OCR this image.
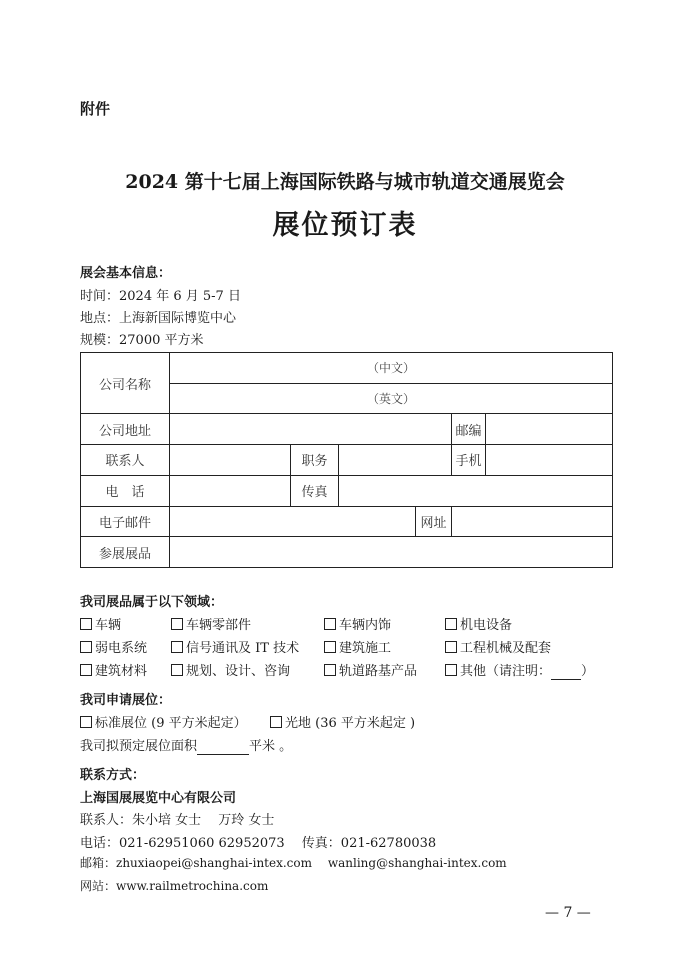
附件
2024 第十七届上海国际铁路与城市轨道交通展览会
展位预订表
展会基本信息：
时间：2024 年 6 月 5-7 日
地点：上海新国际博览中心
规模：27000 平方米
公司名称	（中文）					
	（英文）					
公司地址					邮编	
联系人		职务			手机	
电　话		传真				
电子邮件				网址		
参展展品						
我司展品属于以下领域：
车辆	车辆零部件	车辆内饰	机电设备
弱电系统	信号通讯及 IT 技术	建筑施工	工程机械及配套
建筑材料	规划、设计、咨询	轨道路基产品	其他（请注明： ）
我司申请展位：
标准展位 (9 平方米起定）	光地 (36 平方米起定 )
我司拟预定展位面积	平米 。
联系方式：
上海国展展览中心有限公司
联系人：朱小培 女士　 万玲 女士
电话：021-62951060 62952073　 传真：021-62780038
邮箱：zhuxiaopei@shanghai-intex.com　 wanling@shanghai-intex.com
网站：www.railmetrochina.com
— 7 —
